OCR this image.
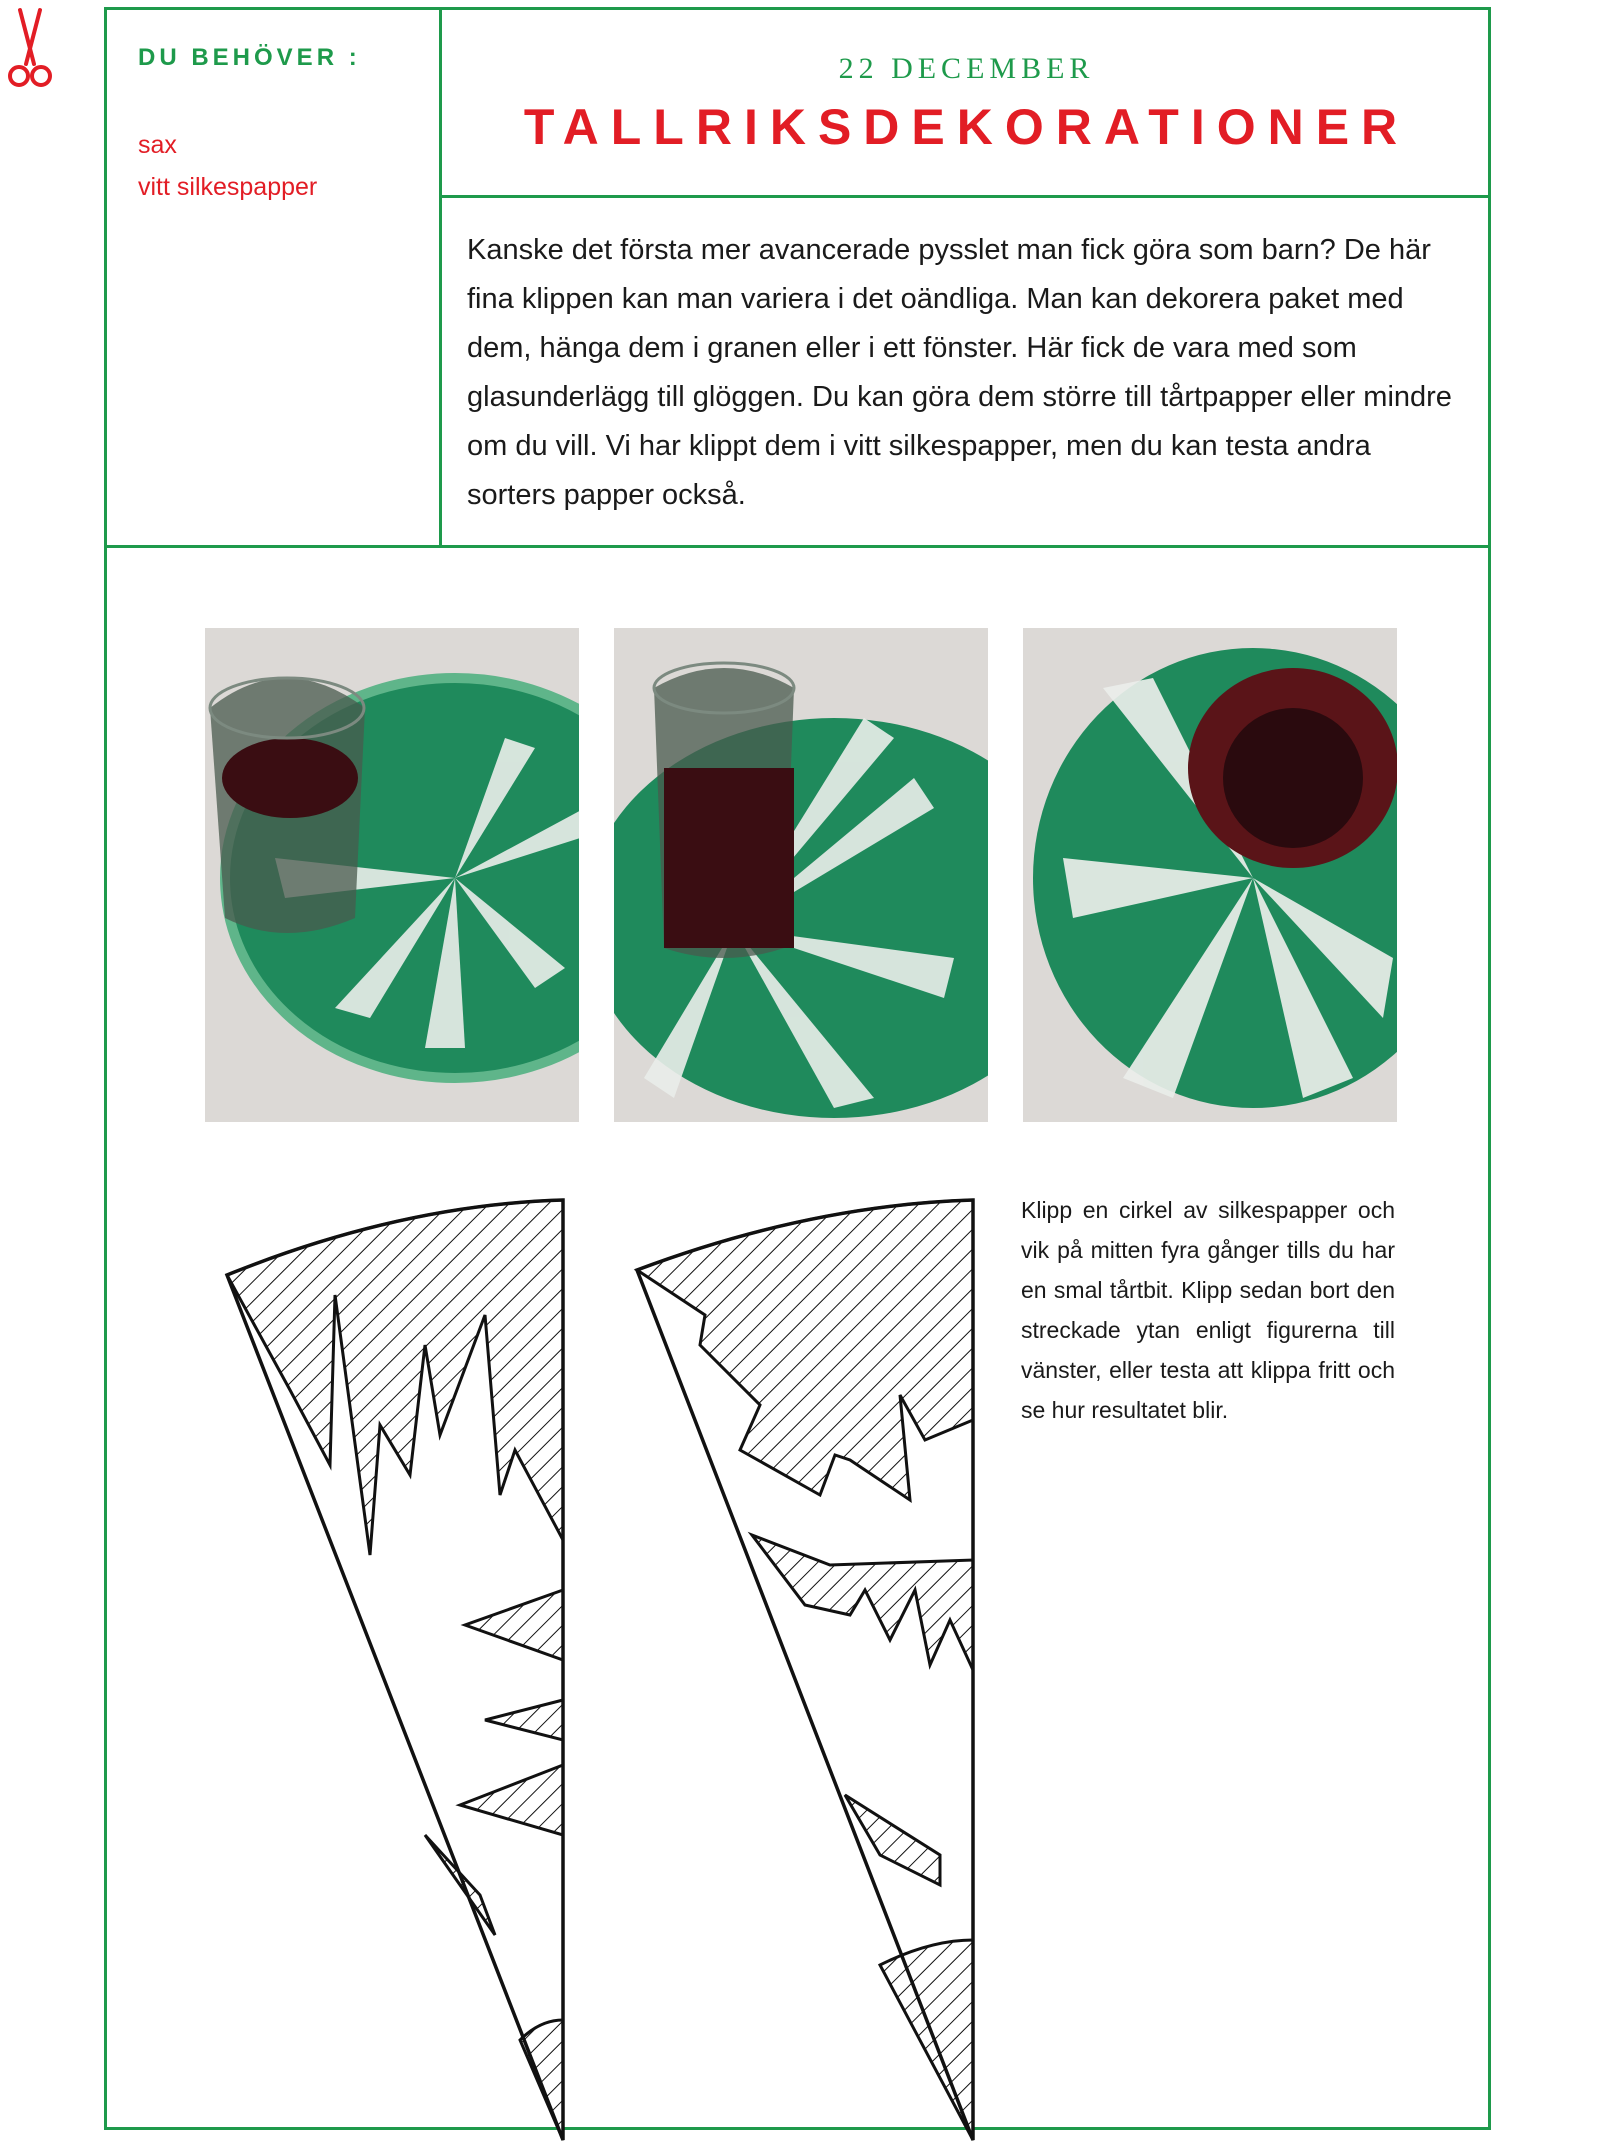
DU BEHÖVER :
sax
vitt silkespapper
22 DECEMBER
TALLRIKSDEKORATIONER

Kanske det första mer avancerade pysslet man fick göra som barn? De här fina klippen kan man variera i det oändliga. Man kan dekorera paket med dem, hänga dem i granen eller i ett fönster. Här fick de vara med som glasunderlägg till glöggen. Du kan göra dem större till tårtpapper eller mindre om du vill. Vi har klippt dem i vitt silkespapper, men du kan testa andra sorters papper också.

Klipp en cirkel av silkespapper och vik på mitten fyra gånger tills du har en smal tårtbit. Klipp sedan bort den streckade ytan enligt figurerna till vänster, eller testa att klippa fritt och se hur resultatet blir.
